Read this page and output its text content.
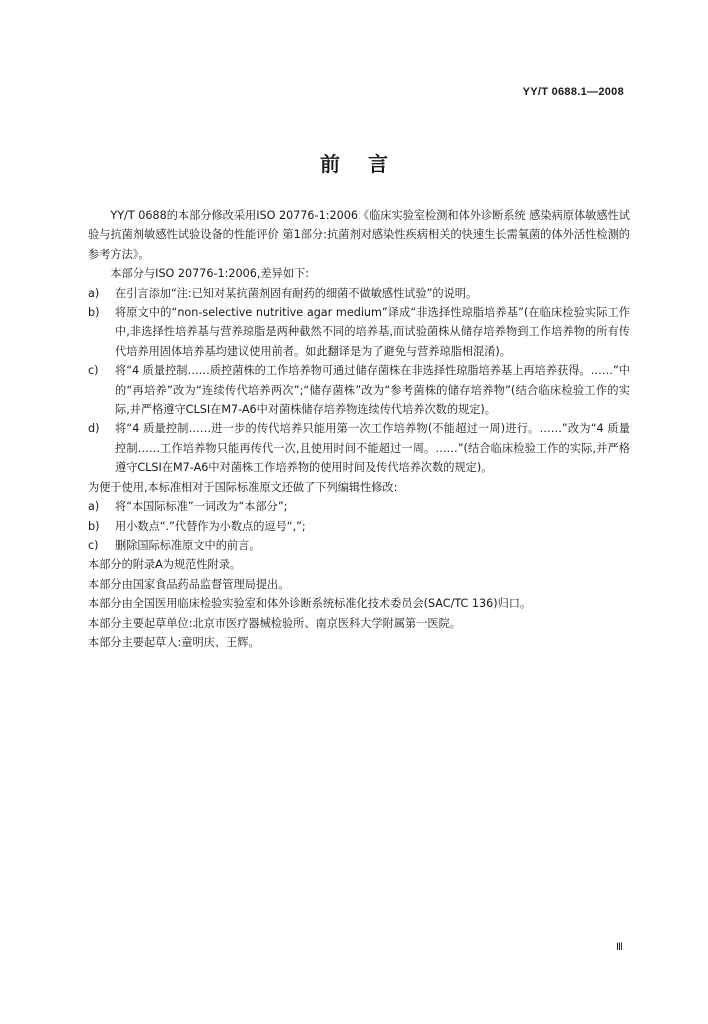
YY/T 0688.1—2008
前言

YY/T 0688的本部分修改采用ISO 20776-1:2006《临床实验室检测和体外诊断系统 感染病原体敏感性试验与抗菌剂敏感性试验设备的性能评价 第1部分:抗菌剂对感染性疾病相关的快速生长需氧菌的体外活性检测的参考方法》。

本部分与ISO 20776-1:2006,差异如下:

a)	在引言添加“注:已知对某抗菌剂固有耐药的细菌不做敏感性试验”的说明。
b)	将原文中的“non-selective nutritive agar medium”译成“非选择性琼脂培养基”(在临床检验实际工作中,非选择性培养基与营养琼脂是两种截然不同的培养基,而试验菌株从储存培养物到工作培养物的所有传代培养用固体培养基均建议使用前者。如此翻译是为了避免与营养琼脂相混淆)。
c)	将“4 质量控制……质控菌株的工作培养物可通过储存菌株在非选择性琼脂培养基上再培养获得。……”中的“再培养”改为“连续传代培养两次”;“储存菌株”改为“参考菌株的储存培养物”(结合临床检验工作的实际,并严格遵守CLSI在M7-A6中对菌株储存培养物连续传代培养次数的规定)。
d)	将“4 质量控制……进一步的传代培养只能用第一次工作培养物(不能超过一周)进行。……”改为“4 质量控制……工作培养物只能再传代一次,且使用时间不能超过一周。……”(结合临床检验工作的实际,并严格遵守CLSI在M7-A6中对菌株工作培养物的使用时间及传代培养次数的规定)。

为便于使用,本标准相对于国际标准原文还做了下列编辑性修改:

a)	将“本国际标准”一词改为“本部分”;
b)	用小数点“.”代替作为小数点的逗号“,”;
c)	删除国际标准原文中的前言。

本部分的附录A为规范性附录。

本部分由国家食品药品监督管理局提出。

本部分由全国医用临床检验实验室和体外诊断系统标准化技术委员会(SAC/TC 136)归口。

本部分主要起草单位:北京市医疗器械检验所、南京医科大学附属第一医院。

本部分主要起草人:童明庆、王辉。

Ⅲ
